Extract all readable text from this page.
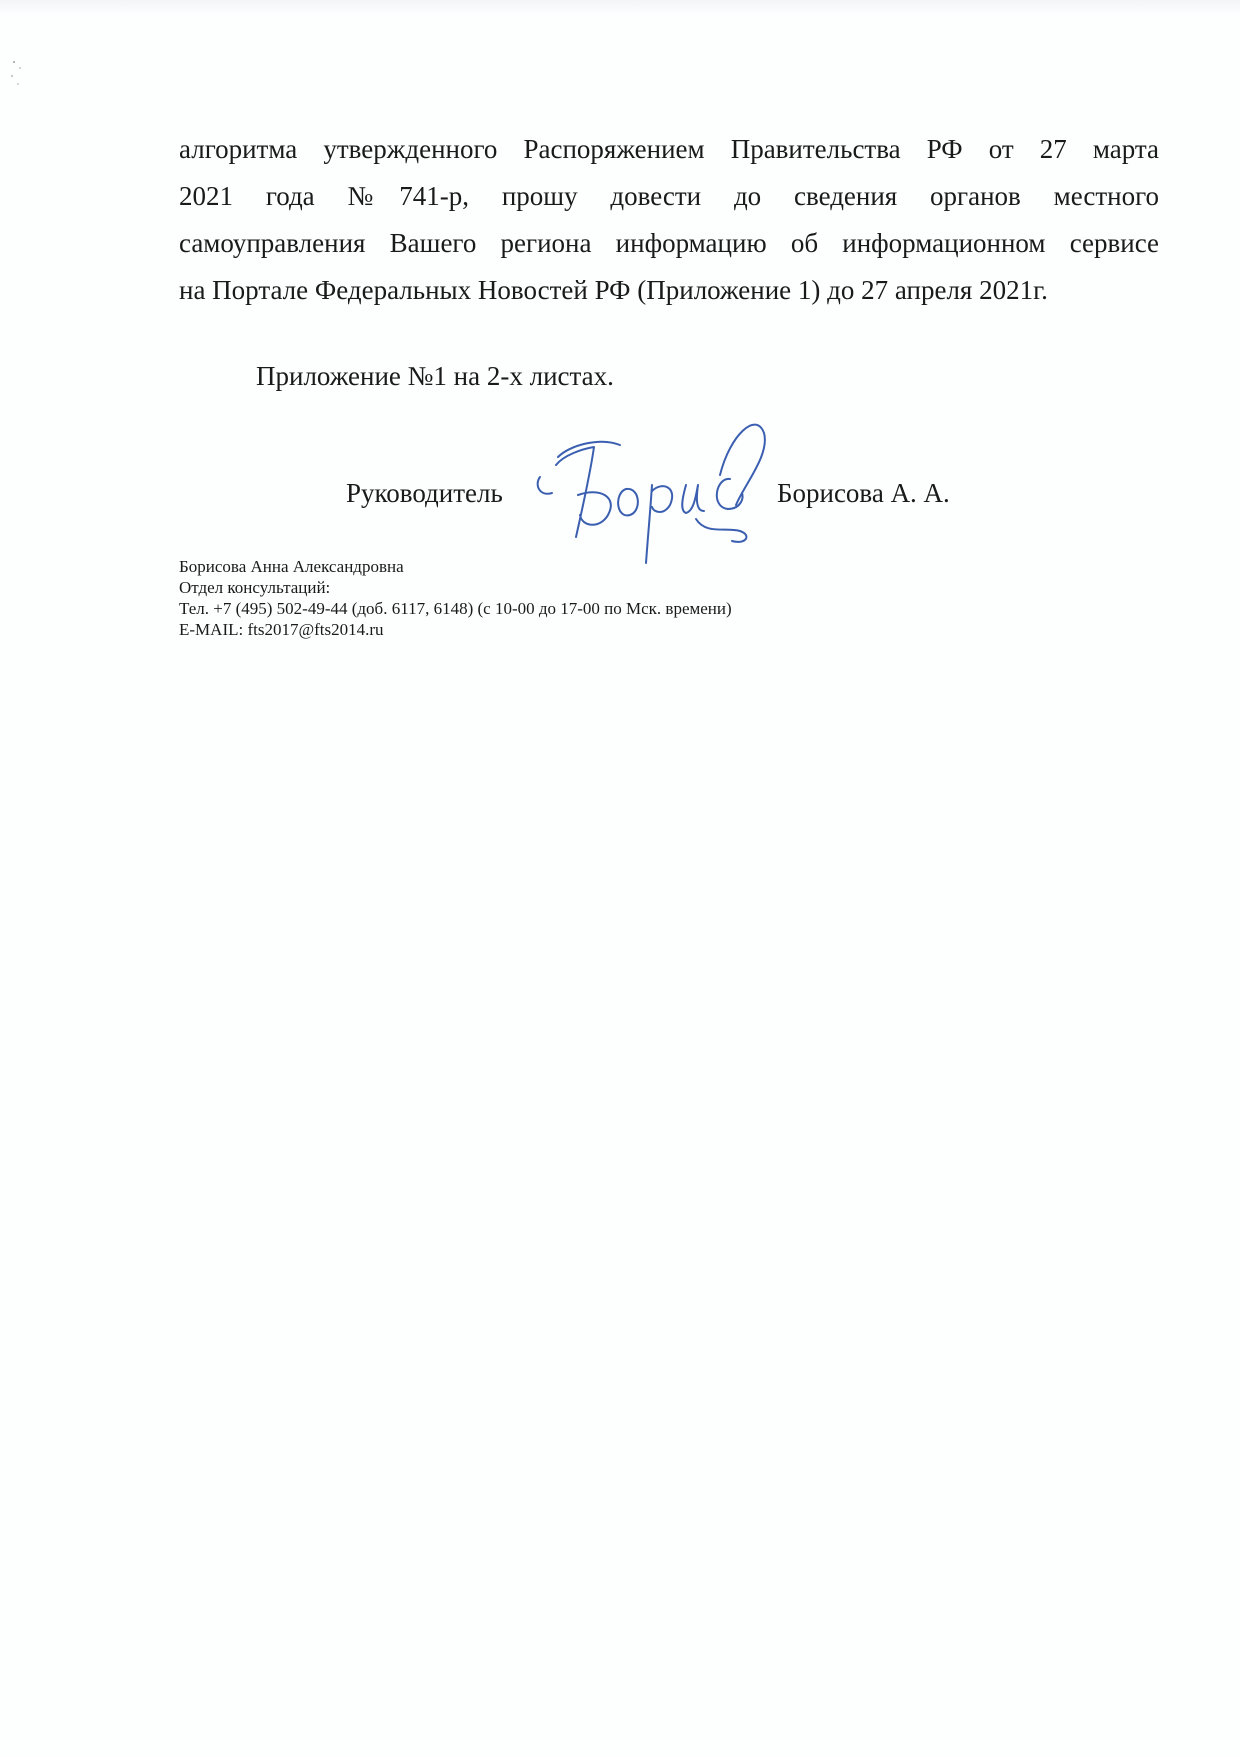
алгоритма утвержденного Распоряжением Правительства РФ от 27 марта
2021 года №741-р, прошу довести до сведения органов местного
самоуправления Вашего региона информацию об информационном сервисе
на Портале Федеральных Новостей РФ (Приложение 1) до 27 апреля 2021г.

Приложение №1 на 2-х листах.

Руководитель	Борисова А. А.
Борисова Анна Александровна
Отдел консультаций:
Тел. +7 (495) 502-49-44 (доб. 6117, 6148) (с 10-00 до 17-00 по Мск. времени)
E-MAIL: fts2017@fts2014.ru
